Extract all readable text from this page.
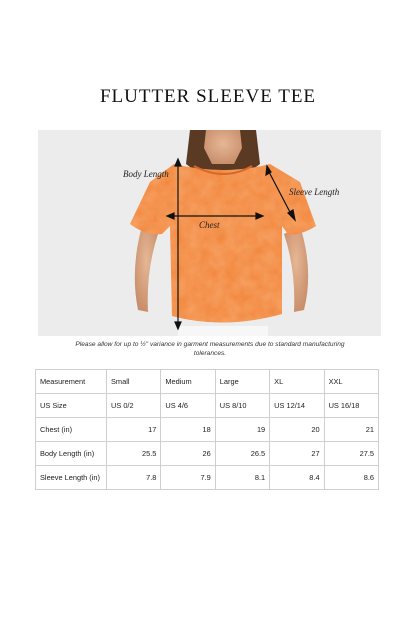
FLUTTER SLEEVE TEE
Body Length
Chest
Sleeve Length
Please allow for up to ½" variance in garment measurements due to standard manufacturing tolerances.
Measurement	Small	Medium	Large	XL	XXL
US Size	US 0/2	US 4/6	US 8/10	US 12/14	US 16/18
Chest (in)	17	18	19	20	21
Body Length (in)	25.5	26	26.5	27	27.5
Sleeve Length (in)	7.8	7.9	8.1	8.4	8.6
